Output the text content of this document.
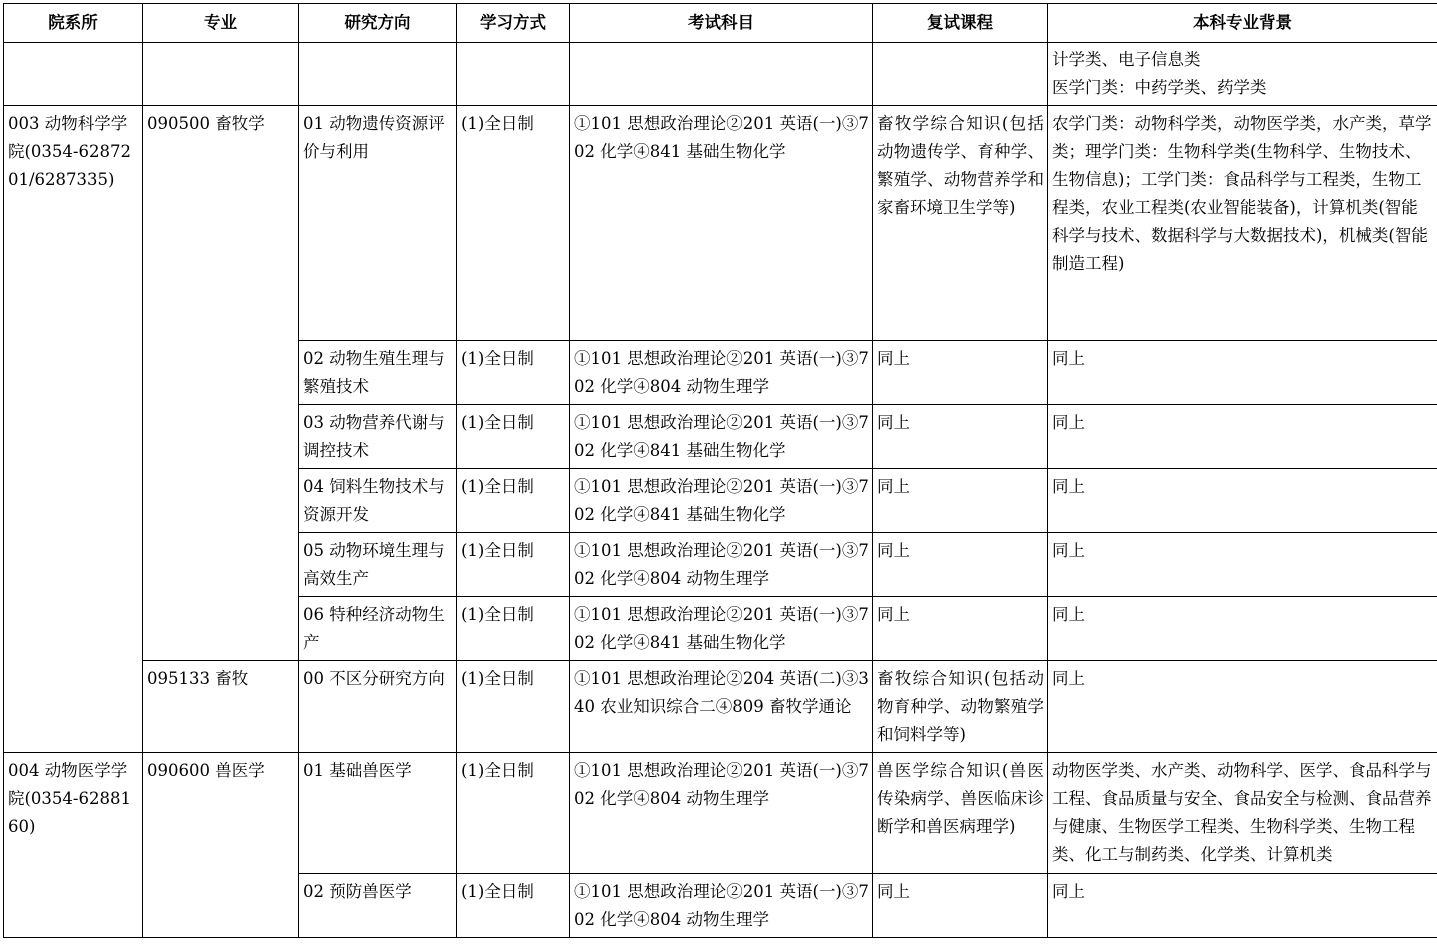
院系所	专业	研究方向	学习方式	考试科目	复试课程	本科专业背景

						计学类、电子信息类
医学门类：中药学类、药学类

003 动物科学学院(0354-6287201/6287335)	090500 畜牧学	01 动物遗传资源评价与利用	(1)全日制	①101 思想政治理论②201 英语(一)③702 化学④841 基础生物化学	畜牧学综合知识(包括动物遗传学、育种学、繁殖学、动物营养学和家畜环境卫生学等)	农学门类：动物科学类，动物医学类，水产类，草学类；理学门类：生物科学类(生物科学、生物技术、生物信息)；工学门类：食品科学与工程类，生物工程类，农业工程类(农业智能装备)，计算机类(智能科学与技术、数据科学与大数据技术)，机械类(智能制造工程)
		02 动物生殖生理与繁殖技术	(1)全日制	①101 思想政治理论②201 英语(一)③702 化学④804 动物生理学	同上	同上
		03 动物营养代谢与调控技术	(1)全日制	①101 思想政治理论②201 英语(一)③702 化学④841 基础生物化学	同上	同上
		04 饲料生物技术与资源开发	(1)全日制	①101 思想政治理论②201 英语(一)③702 化学④841 基础生物化学	同上	同上
		05 动物环境生理与高效生产	(1)全日制	①101 思想政治理论②201 英语(一)③702 化学④804 动物生理学	同上	同上
		06 特种经济动物生产	(1)全日制	①101 思想政治理论②201 英语(一)③702 化学④841 基础生物化学	同上	同上
	095133 畜牧	00 不区分研究方向	(1)全日制	①101 思想政治理论②204 英语(二)③340 农业知识综合二④809 畜牧学通论	畜牧综合知识(包括动物育种学、动物繁殖学和饲料学等)	同上
004 动物医学学院(0354-6288160)	090600 兽医学	01 基础兽医学	(1)全日制	①101 思想政治理论②201 英语(一)③702 化学④804 动物生理学	兽医学综合知识(兽医传染病学、兽医临床诊断学和兽医病理学)	动物医学类、水产类、动物科学、医学、食品科学与工程、食品质量与安全、食品安全与检测、食品营养与健康、生物医学工程类、生物科学类、生物工程类、化工与制药类、化学类、计算机类
		02 预防兽医学	(1)全日制	①101 思想政治理论②201 英语(一)③702 化学④804 动物生理学	同上	同上
